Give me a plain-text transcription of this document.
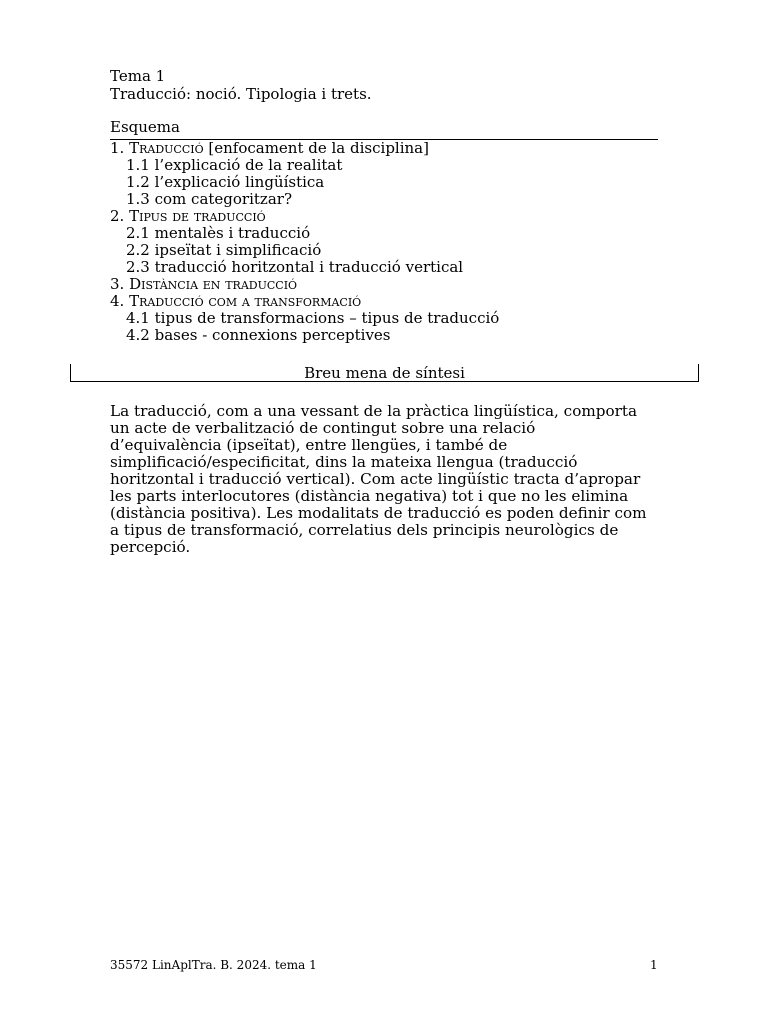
Tema 1
Traducció: noció. Tipologia i trets.
Esquema
1. Traducció [enfocament de la disciplina]
1.1 l’explicació de la realitat
1.2 l’explicació lingüística
1.3 com categoritzar?
2. Tipus de traducció
2.1 mentalès i traducció
2.2 ipseïtat i simplificació
2.3 traducció horitzontal i traducció vertical
3. Distància en traducció
4. Traducció com a transformació
4.1 tipus de transformacions – tipus de traducció
4.2 bases - connexions perceptives
Breu mena de síntesi
La traducció, com a una vessant de la pràctica lingüística, comporta
un acte de verbalització de contingut sobre una relació
d’equivalència (ipseïtat), entre llengües, i també de
simplificació/especificitat, dins la mateixa llengua (traducció
horitzontal i traducció vertical). Com acte lingüístic tracta d’apropar
les parts interlocutores (distància negativa) tot i que no les elimina
(distància positiva). Les modalitats de traducció es poden definir com
a tipus de transformació, correlatius dels principis neurològics de
percepció.
35572 LinAplTra. B. 2024. tema 1	1
